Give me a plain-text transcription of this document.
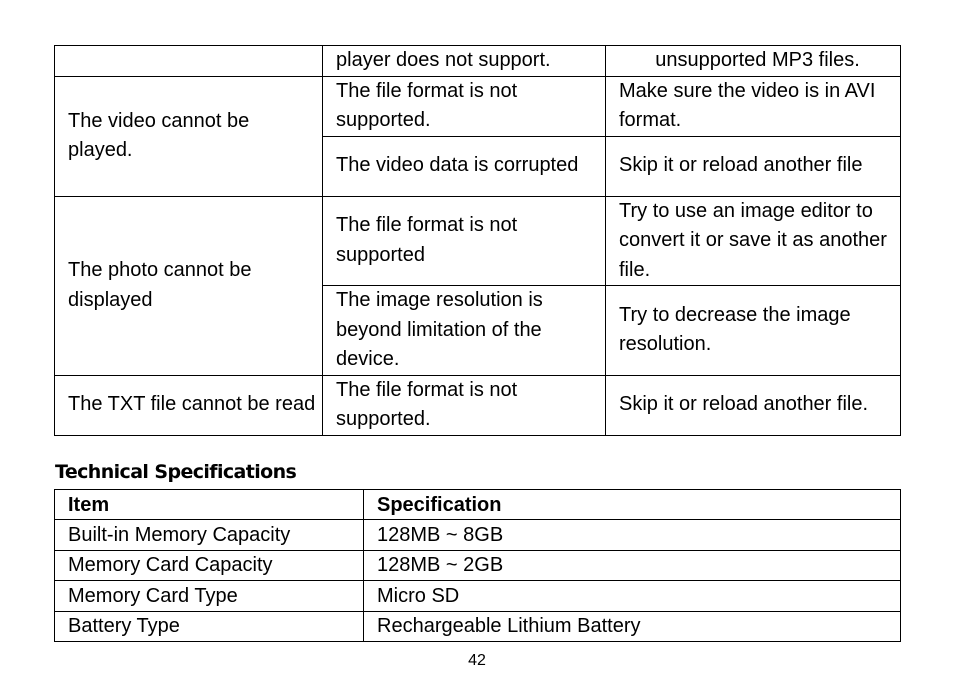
	player does not support.	unsupported MP3 files.
The video cannot be played.	The file format is not supported.	Make sure the video is in AVI format.
	The video data is corrupted	Skip it or reload another file
The photo cannot be displayed	The file format is not supported	Try to use an image editor to convert it or save it as another file.
	The image resolution is beyond limitation of the device.	Try to decrease the image resolution.
The TXT file cannot be read	The file format is not supported.	Skip it or reload another file.
Technical Specifications
Item	Specification
Built-in Memory Capacity	128MB ~ 8GB
Memory Card Capacity	128MB ~ 2GB
Memory Card Type	Micro SD
Battery Type	Rechargeable Lithium Battery
42
